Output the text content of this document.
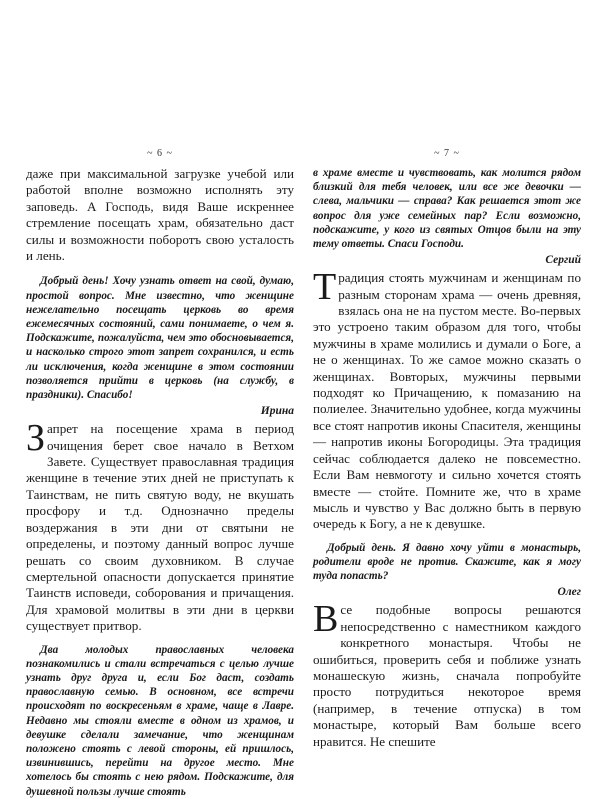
~ 6 ~

даже при максимальной загрузке учебой или работой вполне возможно исполнять эту заповедь. А Господь, видя Ваше искреннее стремление посещать храм, обязательно даст силы и возможности поборотъ свою усталость и лень.

Добрый день! Хочу узнать ответ на свой, думаю, простой вопрос. Мне известно, что женщине нежелательно посещать церковь во время ежемесячных состояний, сами понимаете, о чем я. Подскажите, пожалуйста, чем это обосновывается, и насколько строго этот запрет сохранился, и есть ли исключения, когда женщине в этом состоянии позволяется прийти в церковь (на службу, в праздники). Спасибо!

Ирина

Запрет на посещение храма в период очищения берет свое начало в Ветхом Завете. Существует православная традиция женщине в течение этих дней не приступать к Таинствам, не пить святую воду, не вкушать просфору и т.д. Однозначно пределы воздержания в эти дни от святыни не определены, и поэтому данный вопрос лучше решать со своим духовником. В случае смертельной опасности допускается принятие Таинств исповеди, соборования и причащения. Для храмовой молитвы в эти дни в церкви существует притвор.

Два молодых православных человека познакомились и стали встречаться с целью лучше узнать друг друга и, если Бог даст, создать православную семью. В основном, все встречи происходят по воскресеньям в храме, чаще в Лавре. Недавно мы стояли вместе в одном из храмов, и девушке сделали замечание, что женщинам положено стоять с левой стороны, ей пришлось, извинившись, перейти на другое место. Мне хотелось бы стоять с нею рядом. Подскажите, для душевной пользы лучше стоять

~ 7 ~

в храме вместе и чувствовать, как молится рядом близкий для тебя человек, или все же девочки — слева, мальчики — справа? Как решается этот же вопрос для уже семейных пар? Если возможно, подскажите, у кого из святых Отцов были на эту тему ответы. Спаси Господи.

Сергий

Традиция стоять мужчинам и женщинам по разным сторонам храма — очень древняя, взялась она не на пустом месте. Во-первых это устроено таким образом для того, чтобы мужчины в храме молились и думали о Боге, а не о женщинах. То же самое можно сказать о женщинах. Вовторых, мужчины первыми подходят ко Причащению, к помазанию на полиелее. Значительно удобнее, когда мужчины все стоят напротив иконы Спасителя, женщины — напротив иконы Богородицы. Эта традиция сейчас соблюдается далеко не повсеместно. Если Вам невмоготу и сильно хочется стоять вместе — стойте. Помните же, что в храме мысль и чувство у Вас должно быть в первую очередь к Богу, а не к девушке.

Добрый день. Я давно хочу уйти в монастырь, родители вроде не против. Скажите, как я могу туда попасть?

Олег

Все подобные вопросы решаются непосредственно с наместником каждого конкретного монастыря. Чтобы не ошибиться, проверить себя и поближе узнать монашескую жизнь, сначала попробуйте просто потрудиться некоторое время (например, в течение отпуска) в том монастыре, который Вам больше всего нравится. Не спешите
